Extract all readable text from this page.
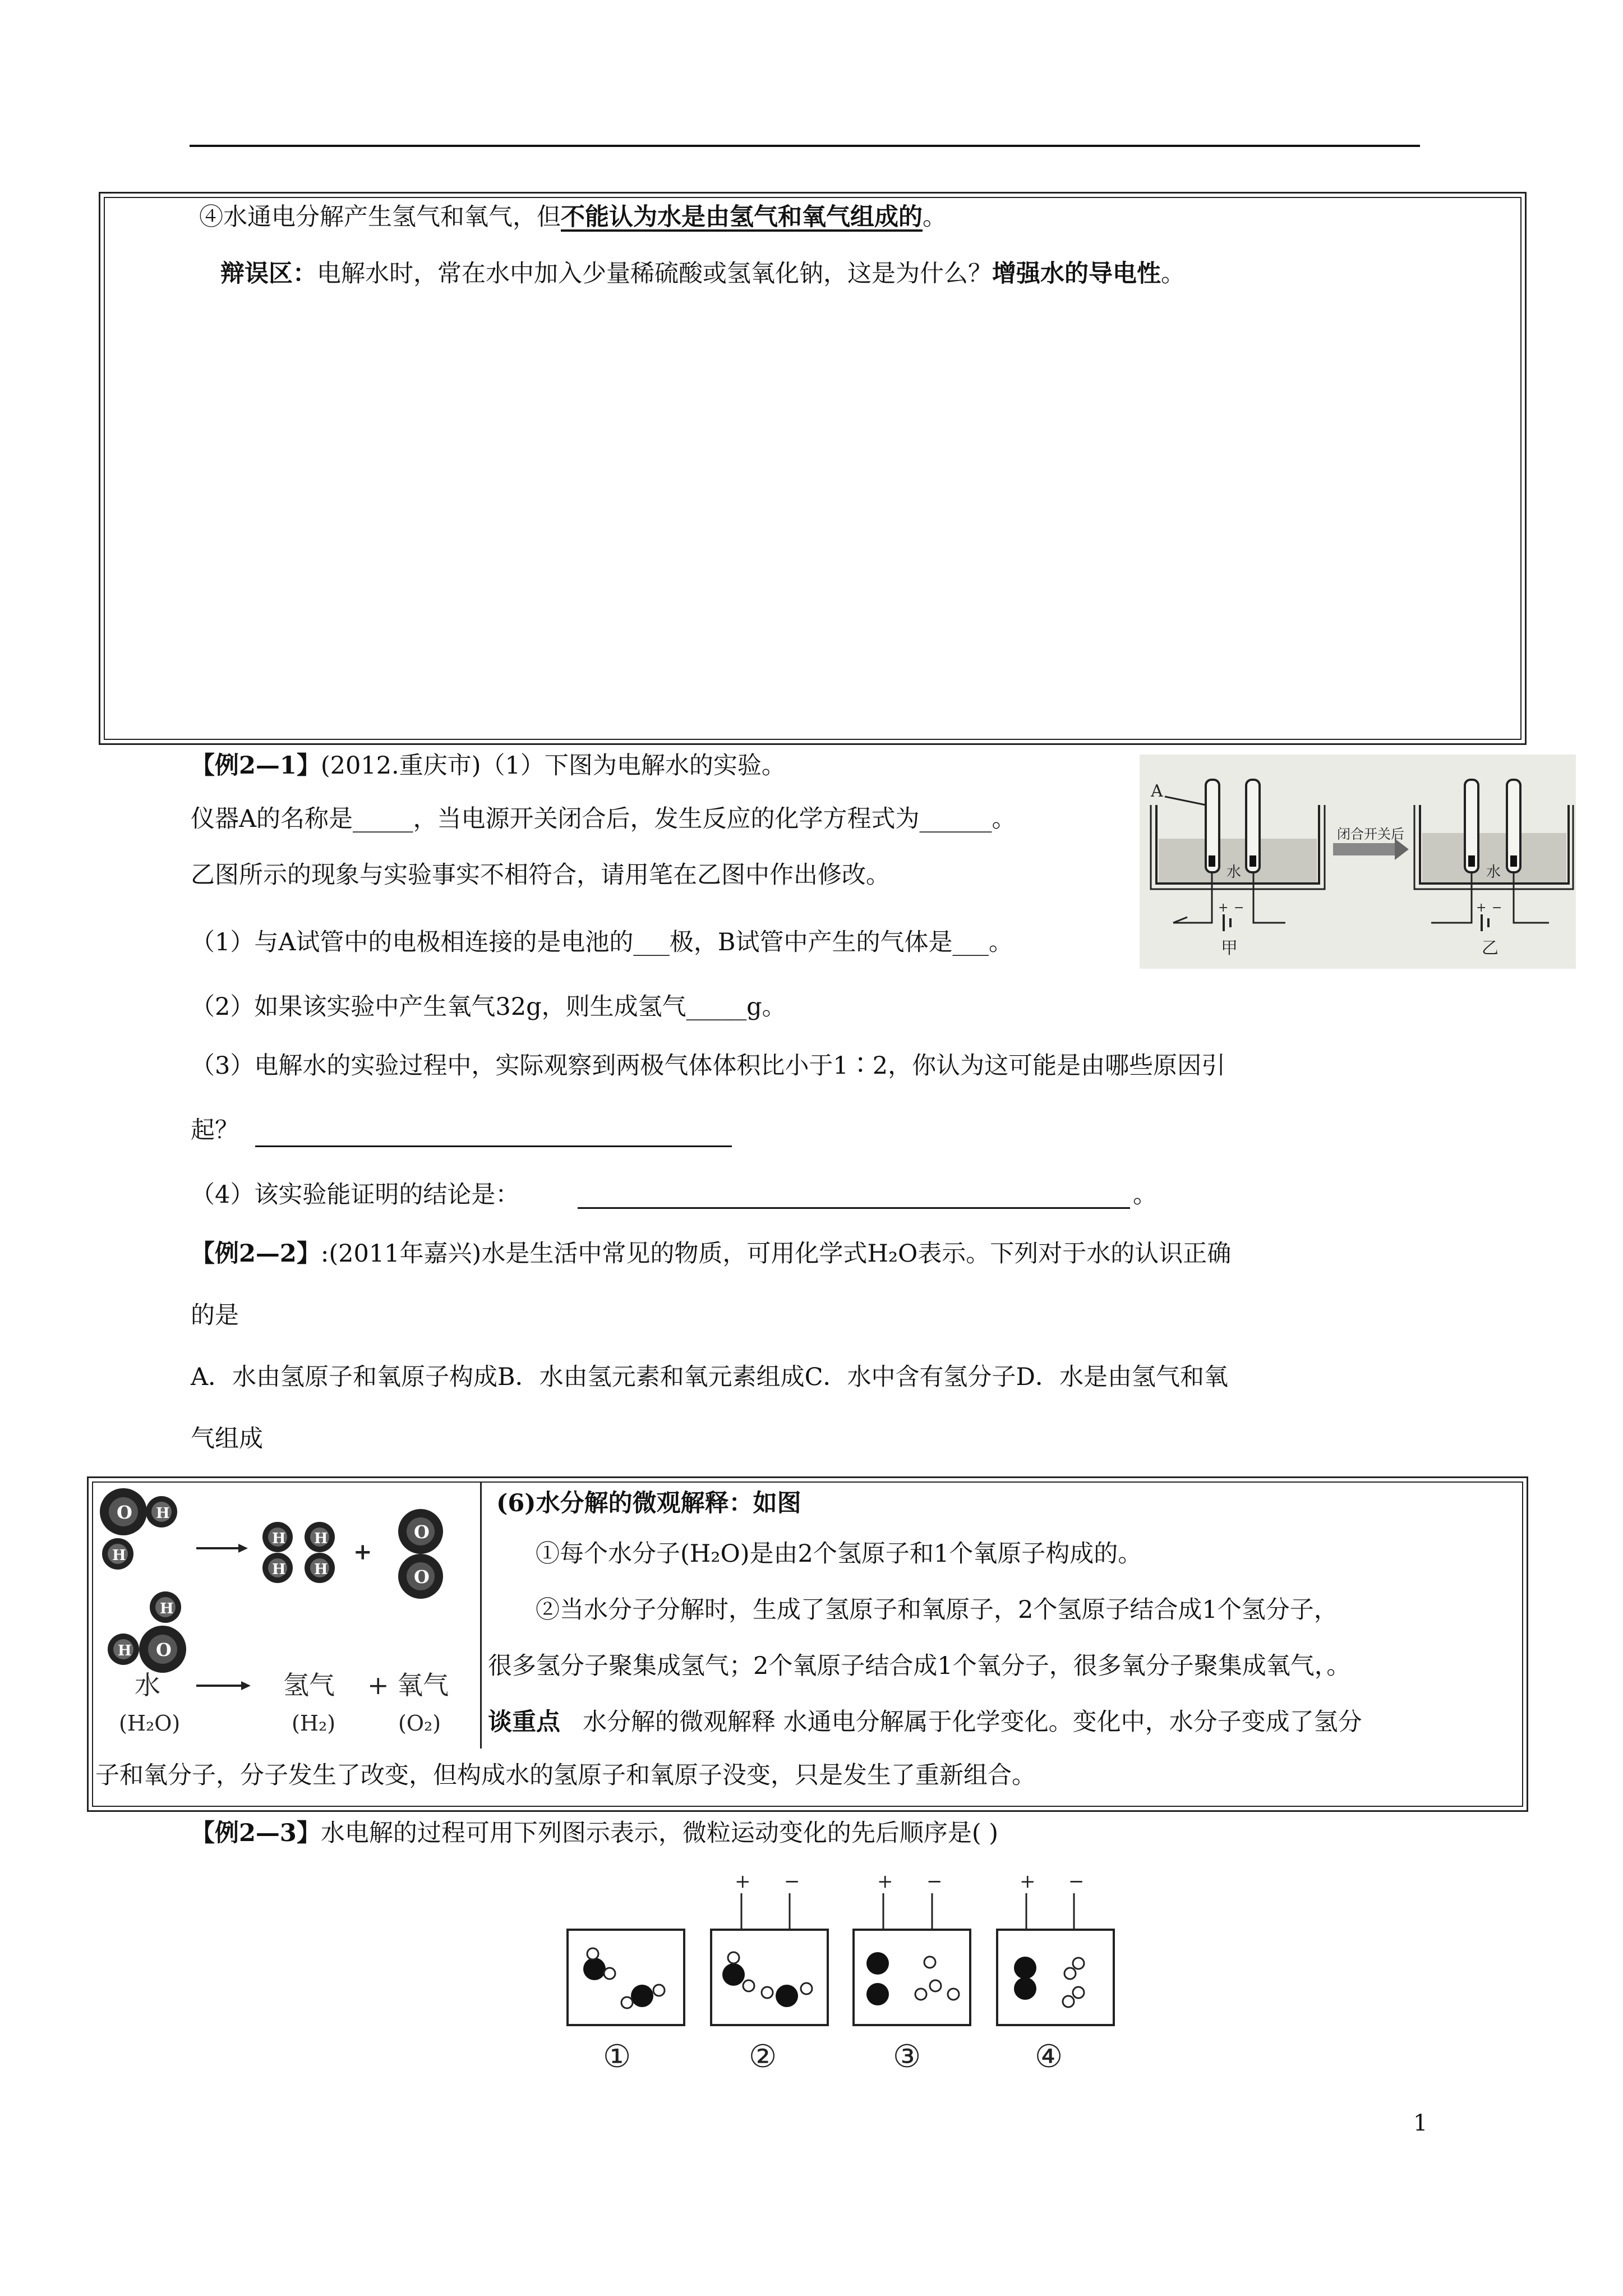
④水通电分解产生氢气和氧气，但不能认为水是由氢气和氧气组成的。
辩误区：电解水时，常在水中加入少量稀硫酸或氢氧化钠，这是为什么？增强水的导电性。
【例2—1】(2012.重庆市)（1）下图为电解水的实验。
仪器A的名称是_____，当电源开关闭合后，发生反应的化学方程式为______。
乙图所示的现象与实验事实不相符合，请用笔在乙图中作出修改。
（1）与A试管中的电极相连接的是电池的___极，B试管中产生的气体是___。
（2）如果该实验中产生氧气32g，则生成氢气_____g。
（3）电解水的实验过程中，实际观察到两极气体体积比小于1∶2，你认为这可能是由哪些原因引
起？
（4）该实验能证明的结论是：	。
A
水
甲
+ −
闭合开关后
水
乙
+ −
【例2—2】:(2011年嘉兴)水是生活中常见的物质，可用化学式H₂O表示。下列对于水的认识正确
的是
A．水由氢原子和氧原子构成B．水由氢元素和氧元素组成C．水中含有氢分子D．水是由氢气和氧
气组成
O H
H
H
H O
H
H
H
H
+
O
O
水	氢气 + 氧气
(H₂O)	(H₂)	(O₂)
(6)水分解的微观解释：如图
①每个水分子(H₂O)是由2个氢原子和1个氧原子构成的。
②当水分子分解时，生成了氢原子和氧原子，2个氢原子结合成1个氢分子，
很多氢分子聚集成氢气；2个氧原子结合成1个氧分子，很多氧分子聚集成氧气，。
谈重点 水分解的微观解释 水通电分解属于化学变化。变化中，水分子变成了氢分
子和氧分子，分子发生了改变，但构成水的氢原子和氧原子没变，只是发生了重新组合。
【例2—3】水电解的过程可用下列图示表示，微粒运动变化的先后顺序是( )
①
+ −
②
+ −
③
+ −
④
1
